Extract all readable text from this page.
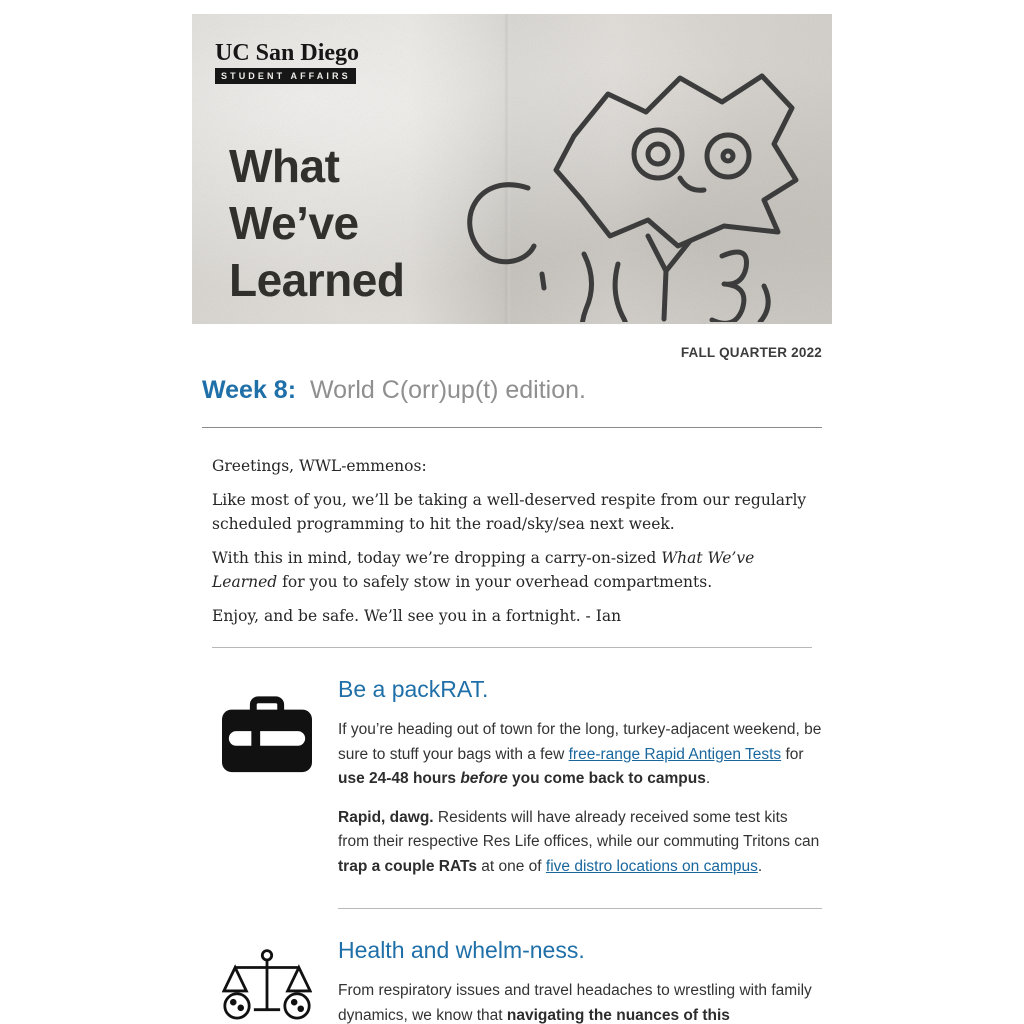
UC San Diego
STUDENT AFFAIRS
What
We’ve
Learned
FALL QUARTER 2022
Week 8: World C(orr)up(t) edition.

Greetings, WWL-emmenos:

Like most of you, we’ll be taking a well-deserved respite from our regularly scheduled programming to hit the road/sky/sea next week.

With this in mind, today we’re dropping a carry-on-sized What We’ve Learned for you to safely stow in your overhead compartments.

Enjoy, and be safe. We’ll see you in a fortnight. - Ian

Be a packRAT.

If you’re heading out of town for the long, turkey-adjacent weekend, be sure to stuff your bags with a few free-range Rapid Antigen Tests for use 24-48 hours before you come back to campus.

Rapid, dawg. Residents will have already received some test kits from their respective Res Life offices, while our commuting Tritons can trap a couple RATs at one of five distro locations on campus.

Health and whelm-ness.

From respiratory issues and travel headaches to wrestling with family dynamics, we know that navigating the nuances of this
